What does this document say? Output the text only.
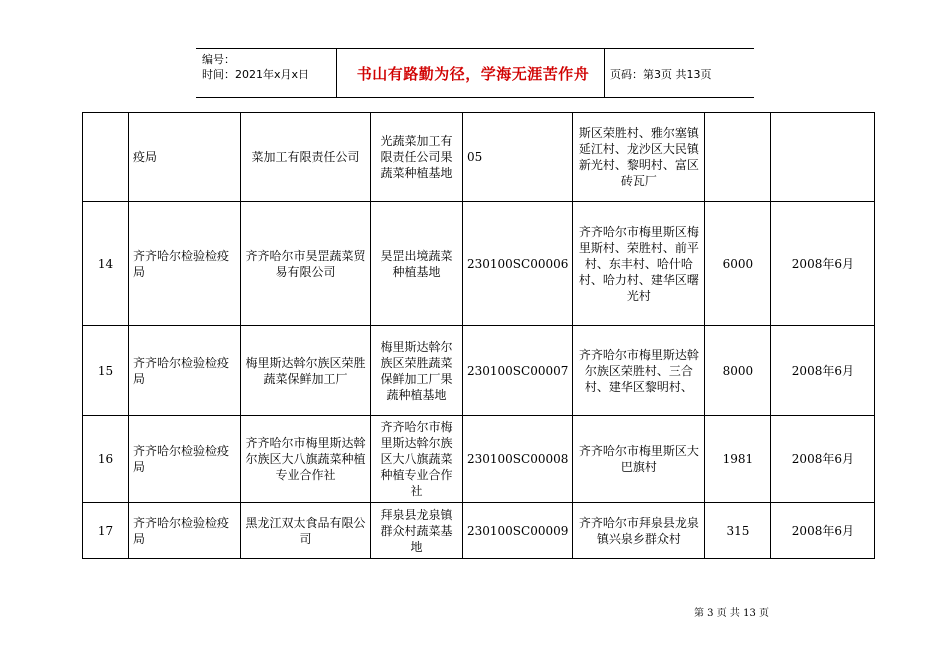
编号：
时间：2021年x月x日	书山有路勤为径，学海无涯苦作舟	页码：第3页 共13页
	疫局	菜加工有限责任公司	光蔬菜加工有限责任公司果蔬菜种植基地	05	斯区荣胜村、雅尔塞镇延江村、龙沙区大民镇新光村、黎明村、富区砖瓦厂		
14	齐齐哈尔检验检疫局	齐齐哈尔市昊罡蔬菜贸易有限公司	昊罡出境蔬菜种植基地	230100SC00006	齐齐哈尔市梅里斯区梅里斯村、荣胜村、前平村、东丰村、哈什哈村、哈力村、建华区曙光村	6000	2008年6月
15	齐齐哈尔检验检疫局	梅里斯达斡尔族区荣胜蔬菜保鲜加工厂	梅里斯达斡尔族区荣胜蔬菜保鲜加工厂果蔬种植基地	230100SC00007	齐齐哈尔市梅里斯达斡尔族区荣胜村、三合村、建华区黎明村、	8000	2008年6月
16	齐齐哈尔检验检疫局	齐齐哈尔市梅里斯达斡尔族区大八旗蔬菜种植专业合作社	齐齐哈尔市梅里斯达斡尔族区大八旗蔬菜种植专业合作社	230100SC00008	齐齐哈尔市梅里斯区大巴旗村	1981	2008年6月
17	齐齐哈尔检验检疫局	黑龙江双太食品有限公司	拜泉县龙泉镇群众村蔬菜基地	230100SC00009	齐齐哈尔市拜泉县龙泉镇兴泉乡群众村	315	2008年6月
第 3 页 共 13 页
